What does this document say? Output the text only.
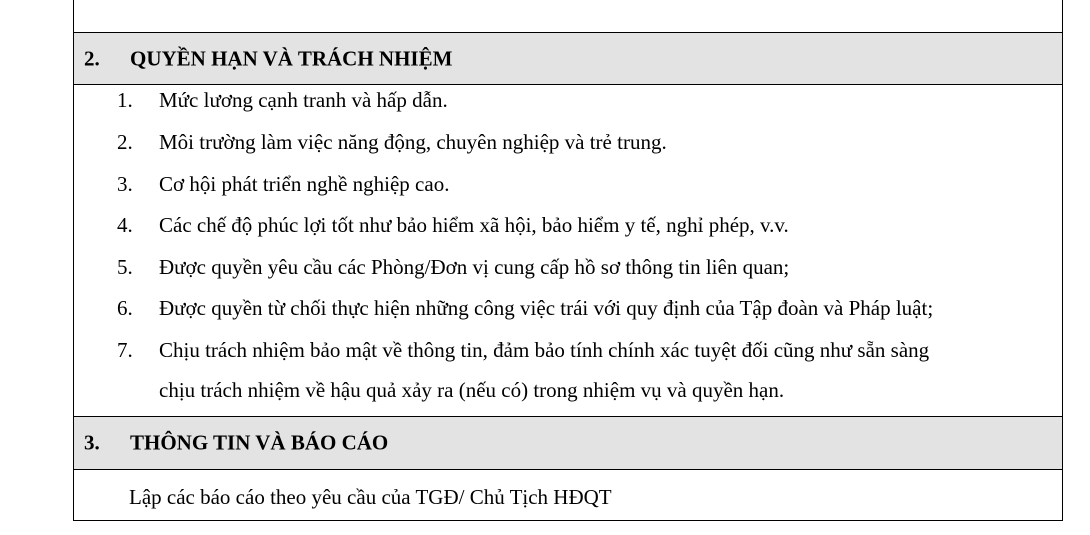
2. QUYỀN HẠN VÀ TRÁCH NHIỆM
1. Mức lương cạnh tranh và hấp dẫn.
2. Môi trường làm việc năng động, chuyên nghiệp và trẻ trung.
3. Cơ hội phát triển nghề nghiệp cao.
4. Các chế độ phúc lợi tốt như bảo hiểm xã hội, bảo hiểm y tế, nghỉ phép, v.v.
5. Được quyền yêu cầu các Phòng/Đơn vị cung cấp hồ sơ thông tin liên quan;
6. Được quyền từ chối thực hiện những công việc trái với quy định của Tập đoàn và Pháp luật;
7. Chịu trách nhiệm bảo mật về thông tin, đảm bảo tính chính xác tuyệt đối cũng như sẵn sàng
chịu trách nhiệm về hậu quả xảy ra (nếu có) trong nhiệm vụ và quyền hạn.
3. THÔNG TIN VÀ BÁO CÁO
Lập các báo cáo theo yêu cầu của TGĐ/ Chủ Tịch HĐQT
